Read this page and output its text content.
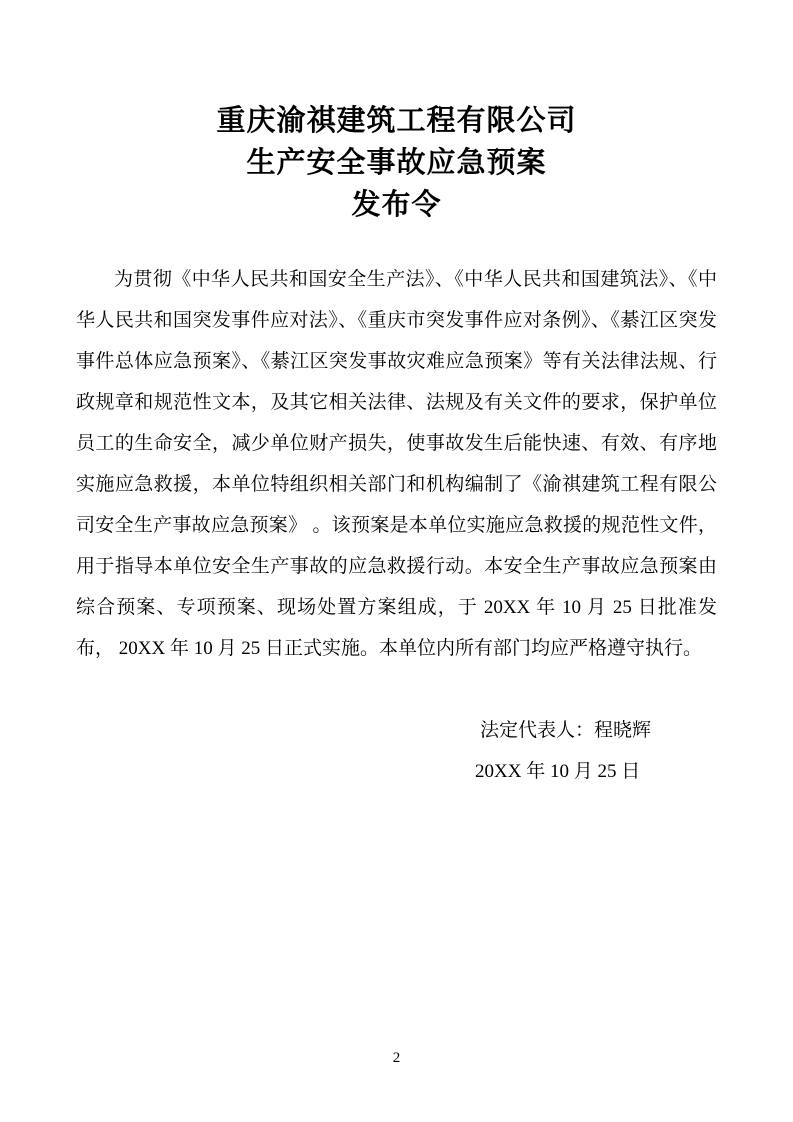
重庆渝祺建筑工程有限公司
生产安全事故应急预案
发布令

为贯彻《中华人民共和国安全生产法》、《中华人民共和国建筑法》、《中华人民共和国突发事件应对法》、《重庆市突发事件应对条例》、《綦江区突发事件总体应急预案》、《綦江区突发事故灾难应急预案》等有关法律法规、行政规章和规范性文本，及其它相关法律、法规及有关文件的要求，保护单位员工的生命安全，减少单位财产损失，使事故发生后能快速、有效、有序地实施应急救援，本单位特组织相关部门和机构编制了《渝祺建筑工程有限公司安全生产事故应急预案》 。该预案是本单位实施应急救援的规范性文件，用于指导本单位安全生产事故的应急救援行动。本安全生产事故应急预案由综合预案、专项预案、现场处置方案组成，于 20XX 年 10 月 25 日批准发布， 20XX 年 10 月 25 日正式实施。本单位内所有部门均应严格遵守执行。

法定代表人：程晓辉
20XX 年 10 月 25 日
2
